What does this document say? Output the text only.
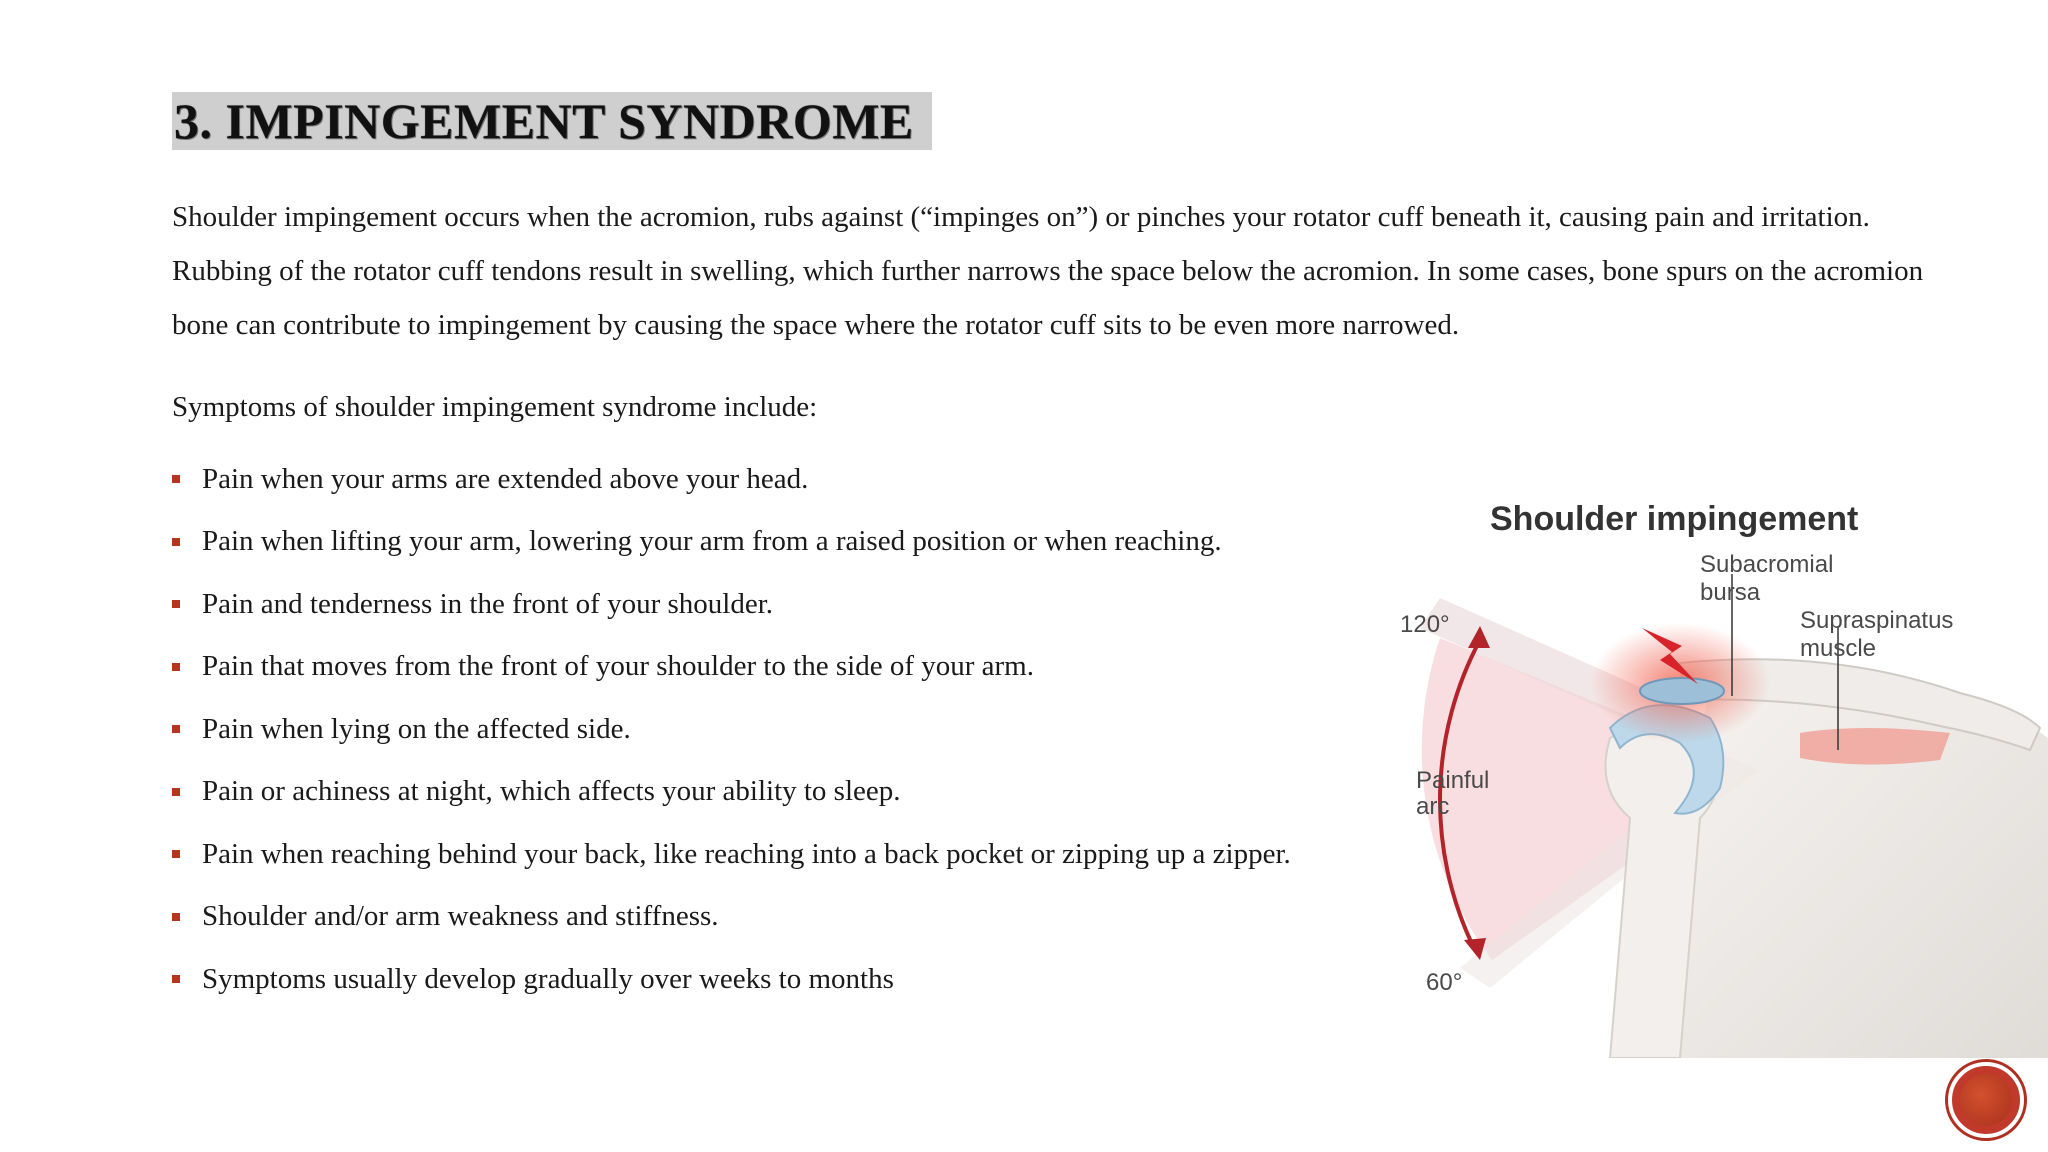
3. IMPINGEMENT SYNDROME

Shoulder impingement occurs when the acromion, rubs against (“impinges on”) or pinches your rotator cuff beneath it, causing pain and irritation. Rubbing of the rotator cuff tendons result in swelling, which further narrows the space below the acromion. In some cases, bone spurs on the acromion bone can contribute to impingement by causing the space where the rotator cuff sits to be even more narrowed.

Symptoms of shoulder impingement syndrome include:

Pain when your arms are extended above your head.
Pain when lifting your arm, lowering your arm from a raised position or when reaching.
Pain and tenderness in the front of your shoulder.
Pain that moves from the front of your shoulder to the side of your arm.
Pain when lying on the affected side.
Pain or achiness at night, which affects your ability to sleep.
Pain when reaching behind your back, like reaching into a back pocket or zipping up a zipper.
Shoulder and/or arm weakness and stiffness.
Symptoms usually develop gradually over weeks to months
Shoulder impingement
Subacromial
bursa
Supraspinatus
muscle
120°
60°
Painful
arc
